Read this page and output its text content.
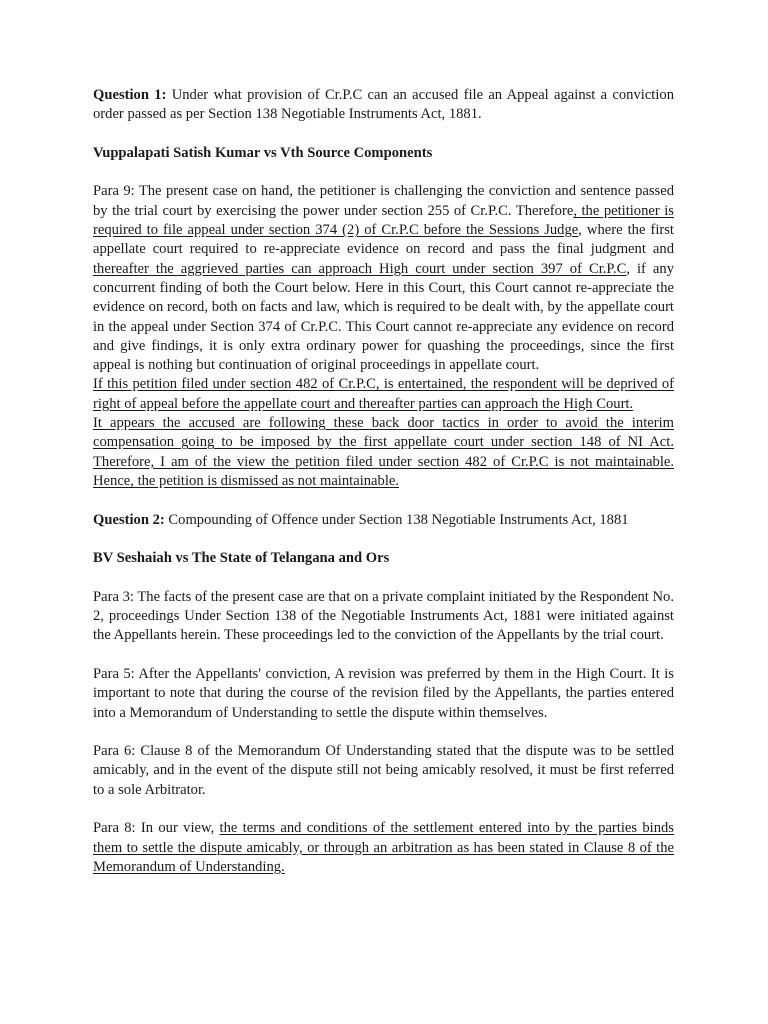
Question 1: Under what provision of Cr.P.C can an accused file an Appeal against a conviction order passed as per Section 138 Negotiable Instruments Act, 1881.

Vuppalapati Satish Kumar vs Vth Source Components

Para 9: The present case on hand, the petitioner is challenging the conviction and sentence passed by the trial court by exercising the power under section 255 of Cr.P.C. Therefore, the petitioner is required to file appeal under section 374 (2) of Cr.P.C before the Sessions Judge, where the first appellate court required to re-appreciate evidence on record and pass the final judgment and thereafter the aggrieved parties can approach High court under section 397 of Cr.P.C, if any concurrent finding of both the Court below. Here in this Court, this Court cannot re-appreciate the evidence on record, both on facts and law, which is required to be dealt with, by the appellate court in the appeal under Section 374 of Cr.P.C. This Court cannot re-appreciate any evidence on record and give findings, it is only extra ordinary power for quashing the proceedings, since the first appeal is nothing but continuation of original proceedings in appellate court.

If this petition filed under section 482 of Cr.P.C, is entertained, the respondent will be deprived of right of appeal before the appellate court and thereafter parties can approach the High Court.

It appears the accused are following these back door tactics in order to avoid the interim compensation going to be imposed by the first appellate court under section 148 of NI Act. Therefore, I am of the view the petition filed under section 482 of Cr.P.C is not maintainable. Hence, the petition is dismissed as not maintainable.

Question 2: Compounding of Offence under Section 138 Negotiable Instruments Act, 1881

BV Seshaiah vs The State of Telangana and Ors

Para 3: The facts of the present case are that on a private complaint initiated by the Respondent No. 2, proceedings Under Section 138 of the Negotiable Instruments Act, 1881 were initiated against the Appellants herein. These proceedings led to the conviction of the Appellants by the trial court.

Para 5: After the Appellants' conviction, A revision was preferred by them in the High Court. It is important to note that during the course of the revision filed by the Appellants, the parties entered into a Memorandum of Understanding to settle the dispute within themselves.

Para 6: Clause 8 of the Memorandum Of Understanding stated that the dispute was to be settled amicably, and in the event of the dispute still not being amicably resolved, it must be first referred to a sole Arbitrator.

Para 8: In our view, the terms and conditions of the settlement entered into by the parties binds them to settle the dispute amicably, or through an arbitration as has been stated in Clause 8 of the Memorandum of Understanding.
